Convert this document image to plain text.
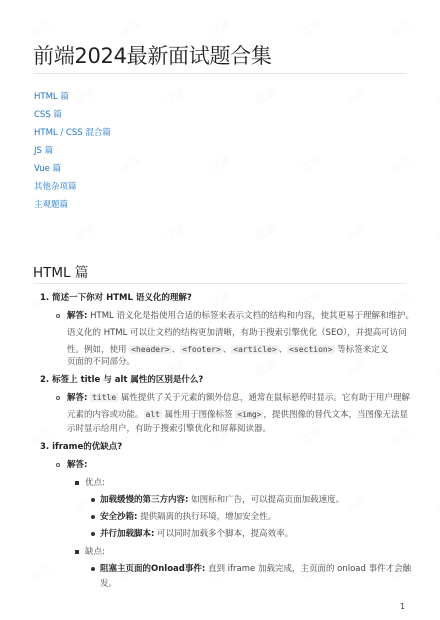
前端2024最新面试题合集
HTML 篇
CSS 篇
HTML / CSS 混合篇
JS 篇
Vue 篇
其他杂项篇
主观题篇
HTML 篇
1. 简述一下你对 HTML 语义化的理解?
解答: HTML 语义化是指使用合适的标签来表示文档的结构和内容，使其更易于理解和维护。
语义化的 HTML 可以让文档的结构更加清晰，有助于搜索引擎优化（SEO），并提高可访问
性。例如，使用 <header> 、 <footer> 、 <article> 、 <section> 等标签来定义
页面的不同部分。
2. 标签上 title 与 alt 属性的区别是什么?
解答: title 属性提供了关于元素的额外信息，通常在鼠标悬停时显示。它有助于用户理解
元素的内容或功能。 alt 属性用于图像标签 <img> ，提供图像的替代文本，当图像无法显
示时显示给用户，有助于搜索引擎优化和屏幕阅读器。
3. iframe的优缺点?
解答:
优点:
加载缓慢的第三方内容: 如图标和广告，可以提高页面加载速度。
安全沙箱: 提供隔离的执行环境，增加安全性。
并行加载脚本: 可以同时加载多个脚本，提高效率。
缺点:
阻塞主页面的Onload事件: 直到 iframe 加载完成，主页面的 onload 事件才会触
发。
1
